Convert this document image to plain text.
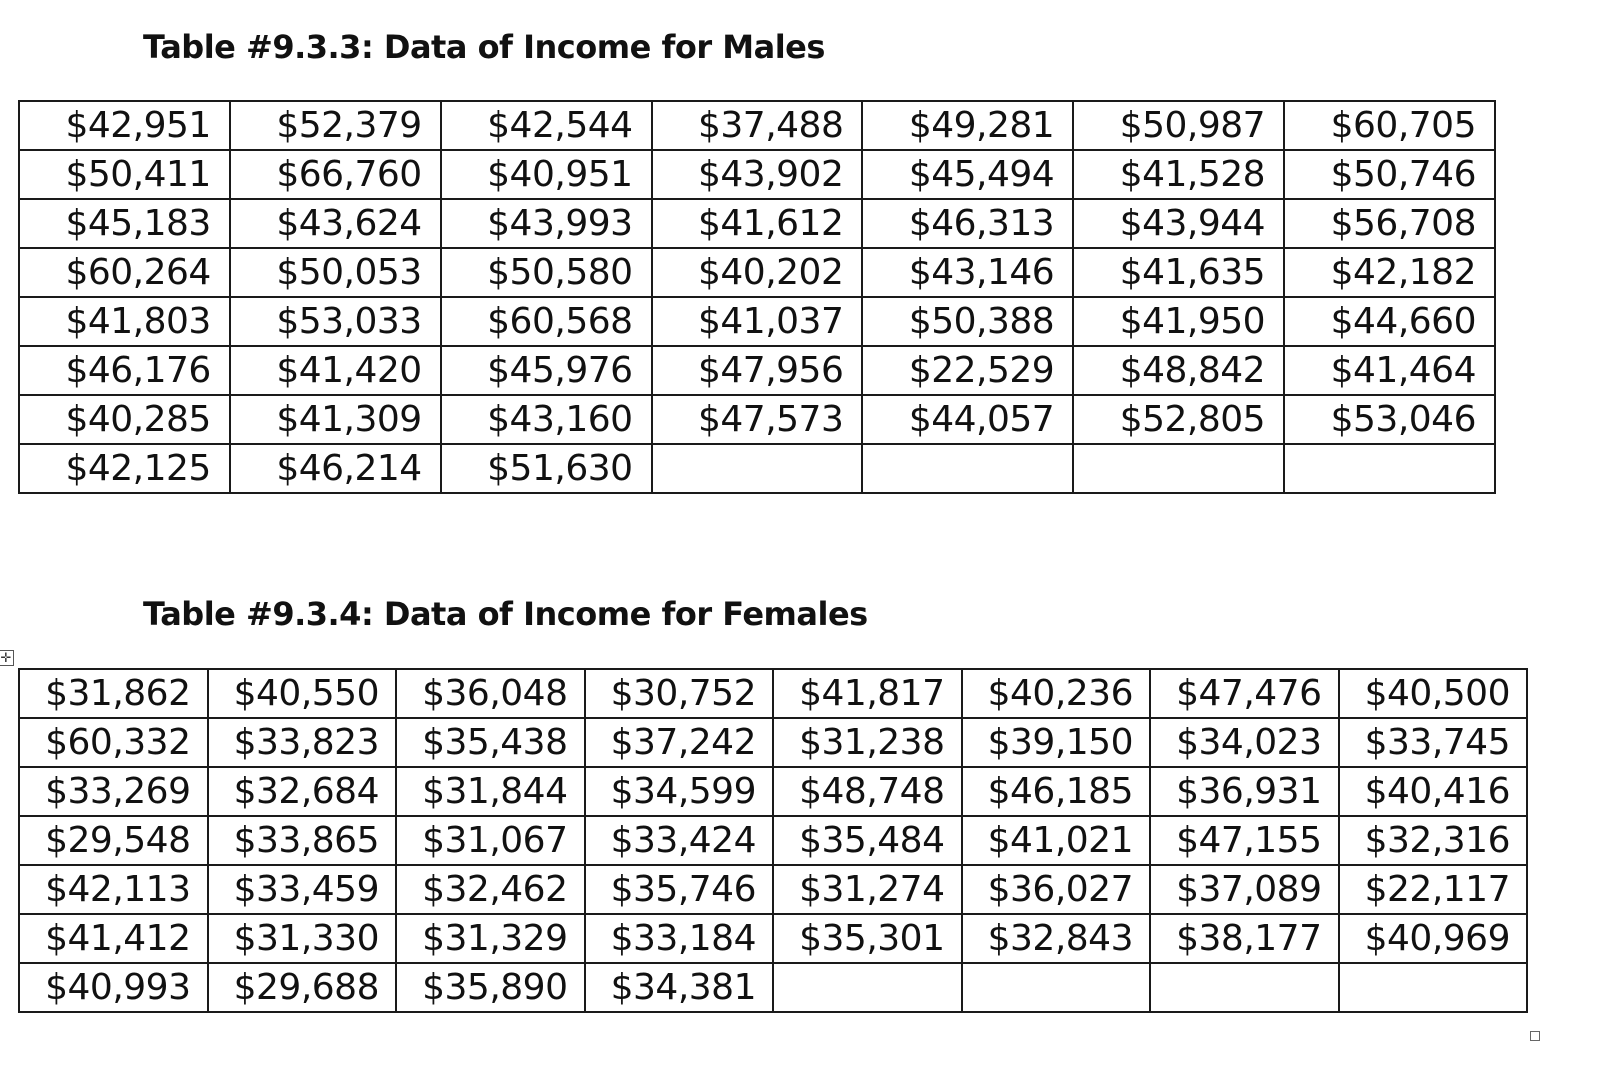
Table #9.3.3: Data of Income for Males
$42,951	$52,379	$42,544	$37,488	$49,281	$50,987	$60,705
$50,411	$66,760	$40,951	$43,902	$45,494	$41,528	$50,746
$45,183	$43,624	$43,993	$41,612	$46,313	$43,944	$56,708
$60,264	$50,053	$50,580	$40,202	$43,146	$41,635	$42,182
$41,803	$53,033	$60,568	$41,037	$50,388	$41,950	$44,660
$46,176	$41,420	$45,976	$47,956	$22,529	$48,842	$41,464
$40,285	$41,309	$43,160	$47,573	$44,057	$52,805	$53,046
$42,125	$46,214	$51,630				
Table #9.3.4: Data of Income for Females
✛
$31,862	$40,550	$36,048	$30,752	$41,817	$40,236	$47,476	$40,500
$60,332	$33,823	$35,438	$37,242	$31,238	$39,150	$34,023	$33,745
$33,269	$32,684	$31,844	$34,599	$48,748	$46,185	$36,931	$40,416
$29,548	$33,865	$31,067	$33,424	$35,484	$41,021	$47,155	$32,316
$42,113	$33,459	$32,462	$35,746	$31,274	$36,027	$37,089	$22,117
$41,412	$31,330	$31,329	$33,184	$35,301	$32,843	$38,177	$40,969
$40,993	$29,688	$35,890	$34,381				
